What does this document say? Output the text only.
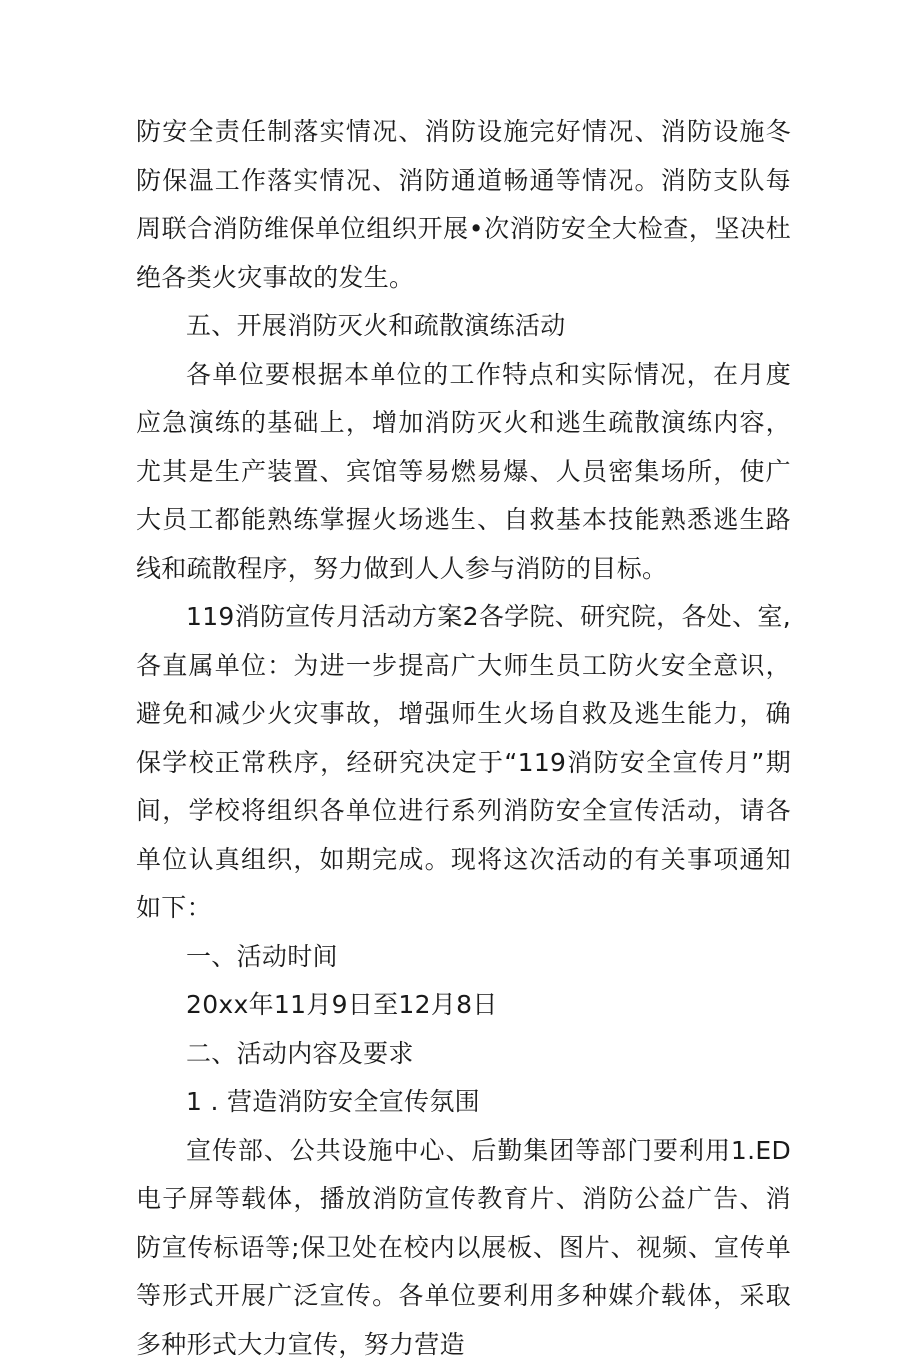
防安全责任制落实情况、消防设施完好情况、消防设施冬防保温工作落实情况、消防通道畅通等情况。消防支队每周联合消防维保单位组织开展•次消防安全大检查，坚决杜绝各类火灾事故的发生。

五、开展消防灭火和疏散演练活动

各单位要根据本单位的工作特点和实际情况，在月度应急演练的基础上，增加消防灭火和逃生疏散演练内容，尤其是生产装置、宾馆等易燃易爆、人员密集场所，使广大员工都能熟练掌握火场逃生、自救基本技能熟悉逃生路线和疏散程序，努力做到人人参与消防的目标。

119消防宣传月活动方案2各学院、研究院，各处、室,各直属单位：为进一步提高广大师生员工防火安全意识，避免和减少火灾事故，增强师生火场自救及逃生能力，确保学校正常秩序，经研究决定于“119消防安全宣传月”期间，学校将组织各单位进行系列消防安全宣传活动，请各单位认真组织，如期完成。现将这次活动的有关事项通知如下：

一、活动时间

20xx年11月9日至12月8日

二、活动内容及要求

1 . 营造消防安全宣传氛围

宣传部、公共设施中心、后勤集团等部门要利用1.ED电子屏等载体，播放消防宣传教育片、消防公益广告、消防宣传标语等;保卫处在校内以展板、图片、视频、宣传单等形式开展广泛宣传。各单位要利用多种媒介载体，采取多种形式大力宣传，努力营造
